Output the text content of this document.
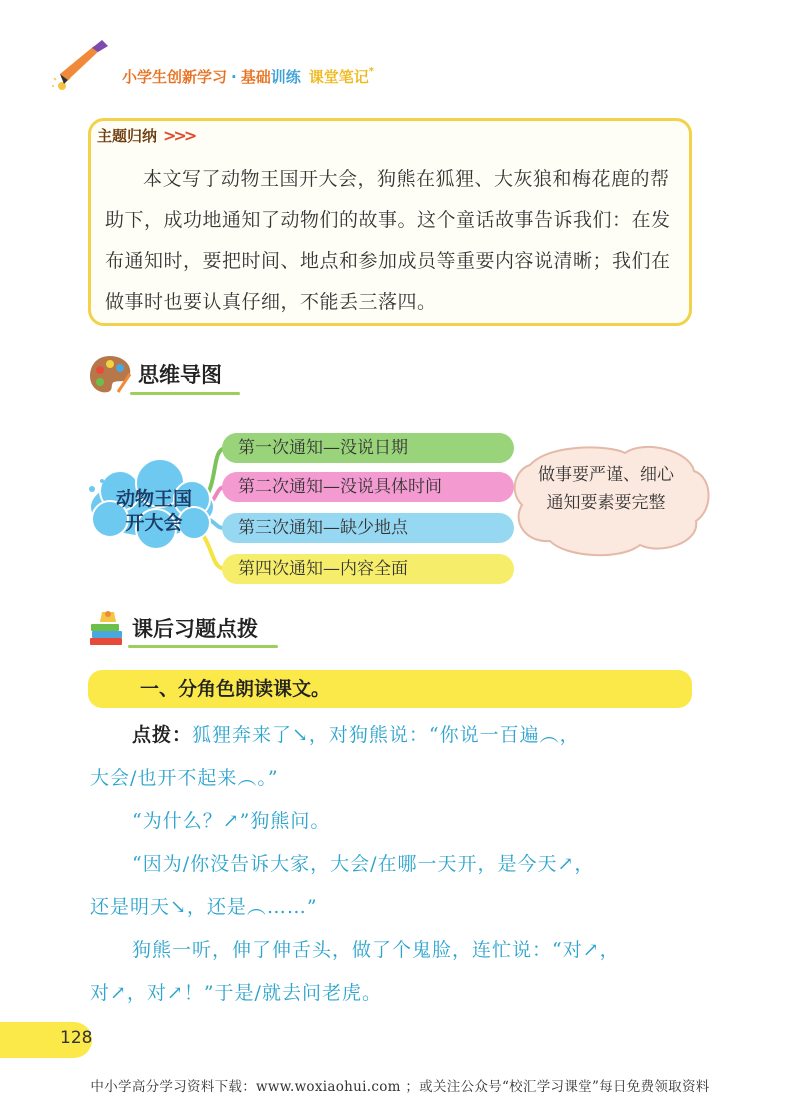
小学生创新学习 · 基础训练 课堂笔记*
主题归纳 >>>

本文写了动物王国开大会，狗熊在狐狸、大灰狼和梅花鹿的帮助下，成功地通知了动物们的故事。这个童话故事告诉我们：在发布通知时，要把时间、地点和参加成员等重要内容说清晰；我们在做事时也要认真仔细，不能丢三落四。

思维导图
动物王国
开大会
第一次通知—没说日期
第二次通知—没说具体时间
第三次通知—缺少地点
第四次通知—内容全面
做事要严谨、细心
通知要素要完整
课后习题点拨
一、分角色朗读课文。
点拨：狐狸奔来了↘，对狗熊说：“你说一百遍︵，
大会/也开不起来︵。”
“为什么？↗”狗熊问。
“因为/你没告诉大家，大会/在哪一天开，是今天↗，
还是明天↘，还是︵……”
狗熊一听，伸了伸舌头，做了个鬼脸，连忙说：“对↗，
对↗，对↗！”于是/就去问老虎。
128
中小学高分学习资料下载：www.woxiaohui.com ；或关注公众号“校汇学习课堂”每日免费领取资料
